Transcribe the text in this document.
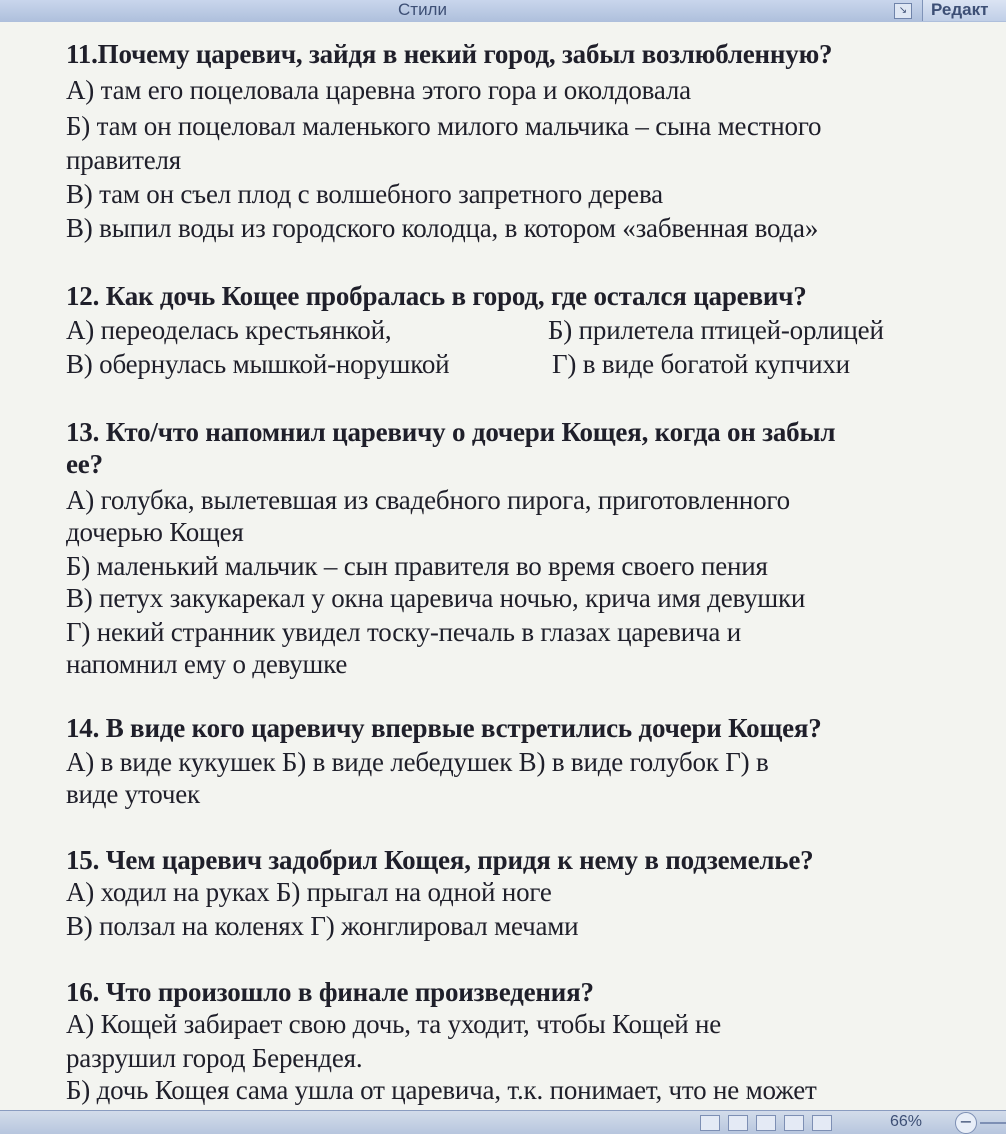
Стили	↘	Редакт
11.Почему царевич, зайдя в некий город, забыл возлюбленную?
А) там его поцеловала царевна этого гора и околдовала
Б) там он поцеловал маленького милого мальчика – сына местного
правителя
В) там он съел плод с волшебного запретного дерева
В) выпил воды из городского колодца, в котором «забвенная вода»
12. Как дочь Кощее пробралась в город, где остался царевич?
А) переоделась крестьянкой,	Б) прилетела птицей-орлицей
В) обернулась мышкой-норушкой	Г) в виде богатой купчихи
13. Кто/что напомнил царевичу о дочери Кощея, когда он забыл
ее?
А) голубка, вылетевшая из свадебного пирога, приготовленного
дочерью Кощея
Б) маленький мальчик – сын правителя во время своего пения
В) петух закукарекал у окна царевича ночью, крича имя девушки
Г) некий странник увидел тоску-печаль в глазах царевича и
напомнил ему о девушке
14. В виде кого царевичу впервые встретились дочери Кощея?
А) в виде кукушек Б) в виде лебедушек В) в виде голубок Г) в
виде уточек
15. Чем царевич задобрил Кощея, придя к нему в подземелье?
А) ходил на руках Б) прыгал на одной ноге
В) ползал на коленях Г) жонглировал мечами
16. Что произошло в финале произведения?
А) Кощей забирает свою дочь, та уходит, чтобы Кощей не
разрушил город Берендея.
Б) дочь Кощея сама ушла от царевича, т.к. понимает, что не может
66% −
